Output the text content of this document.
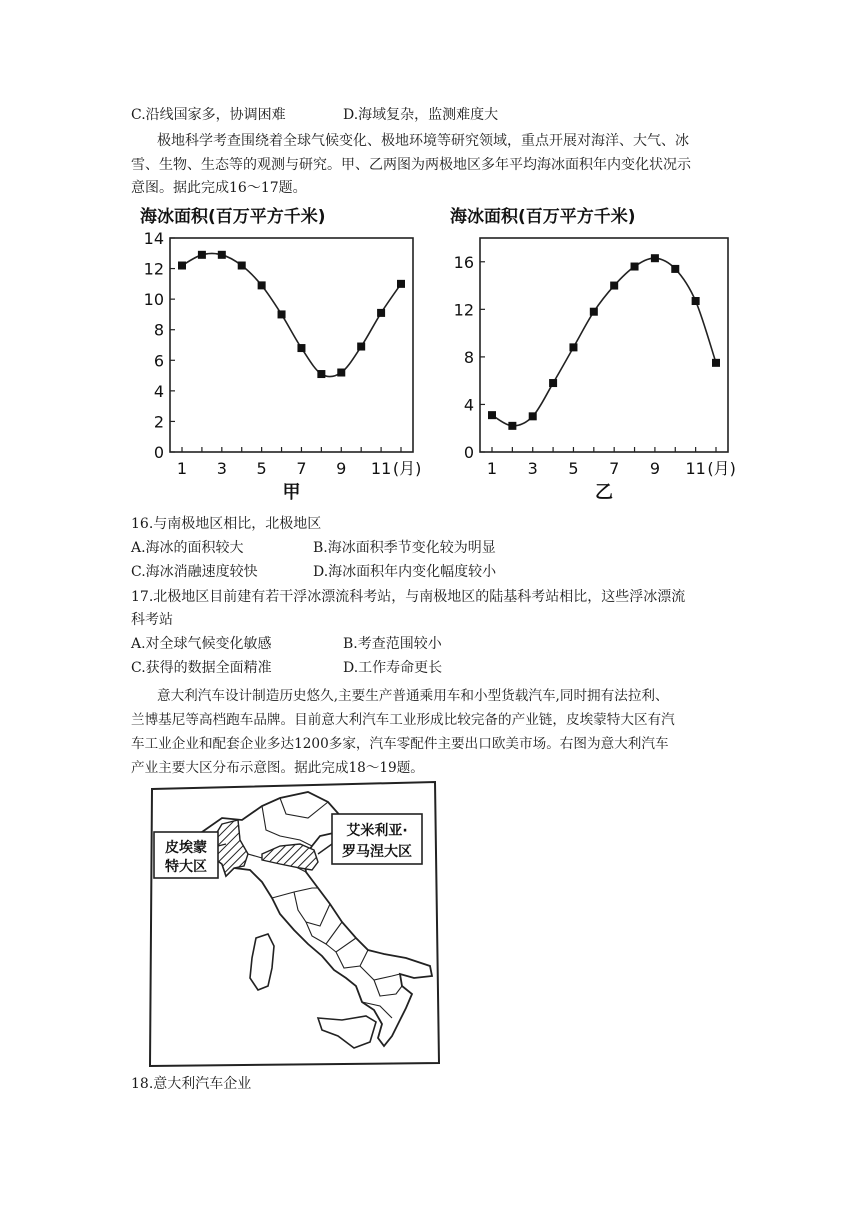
C.沿线国家多，协调困难	D.海域复杂，监测难度大
极地科学考查围绕着全球气候变化、极地环境等研究领域，重点开展对海洋、大气、冰
雪、生物、生态等的观测与研究。甲、乙两图为两极地区多年平均海冰面积年内变化状况示
意图。据此完成16～17题。
海冰面积(百万平方千米)
0
2
4
6
8
10
12
14
1 3 5 7 9 11 (月)
甲
海冰面积(百万平方千米)
0
4
8
12
16
1 3 5 7 9 11 (月)
乙
16.与南极地区相比，北极地区
A.海冰的面积较大	B.海冰面积季节变化较为明显
C.海冰消融速度较快	D.海冰面积年内变化幅度较小
17.北极地区目前建有若干浮冰漂流科考站，与南极地区的陆基科考站相比，这些浮冰漂流
科考站
A.对全球气候变化敏感	B.考查范围较小
C.获得的数据全面精准	D.工作寿命更长
意大利汽车设计制造历史悠久,主要生产普通乘用车和小型货载汽车,同时拥有法拉利、
兰博基尼等高档跑车品牌。目前意大利汽车工业形成比较完备的产业链，皮埃蒙特大区有汽
车工业企业和配套企业多达1200多家，汽车零配件主要出口欧美市场。右图为意大利汽车
产业主要大区分布示意图。据此完成18～19题。
皮埃蒙
特大区
艾米利亚·
罗马涅大区
18.意大利汽车企业
